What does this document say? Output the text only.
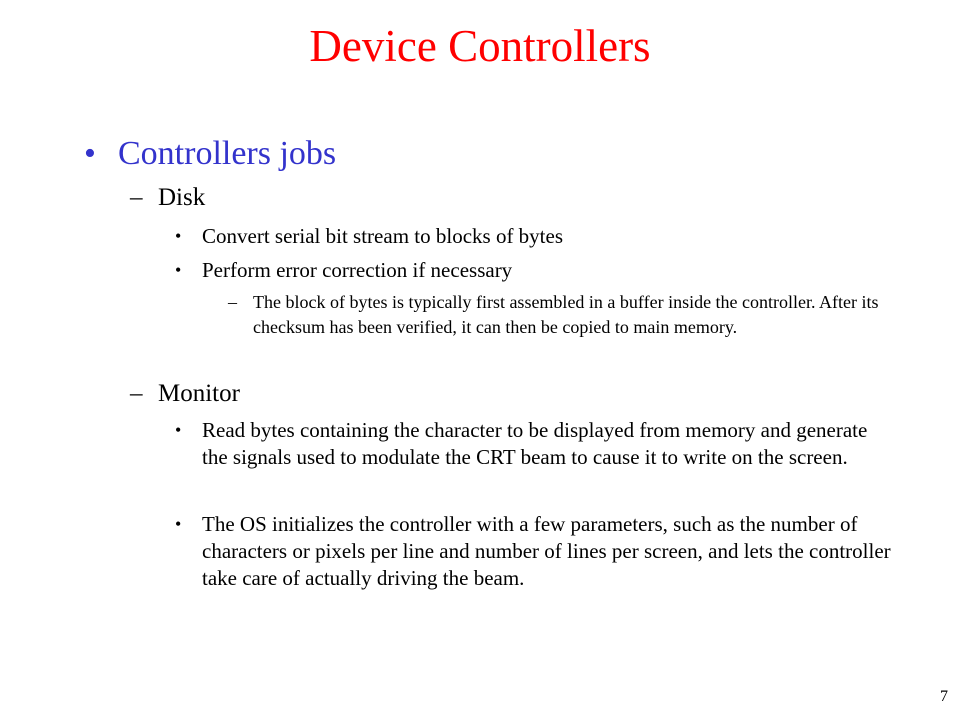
Device Controllers
• Controllers jobs
– Disk
• Convert serial bit stream to blocks of bytes
• Perform error correction if necessary
– The block of bytes is typically first assembled in a buffer inside the controller. After its checksum has been verified, it can then be copied to main memory.
– Monitor
• Read bytes containing the character to be displayed from memory and generate the signals used to modulate the CRT beam to cause it to write on the screen.
• The OS initializes the controller with a few parameters, such as the number of characters or pixels per line and number of lines per screen, and lets the controller take care of actually driving the beam.
7
